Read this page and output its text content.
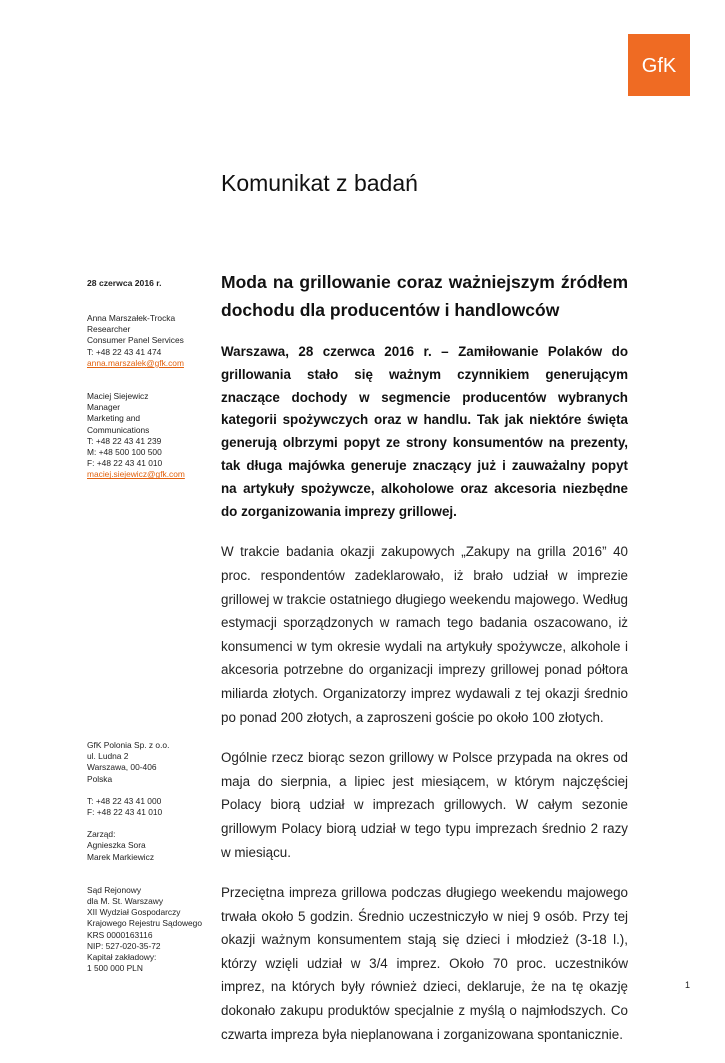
GfK
Komunikat z badań
28 czerwca 2016 r.
Anna Marszałek-Trocka
Researcher
Consumer Panel Services
T: +48 22 43 41 474
anna.marszalek@gfk.com
Maciej Siejewicz
Manager
Marketing and
Communications
T: +48 22 43 41 239
M: +48 500 100 500
F: +48 22 43 41 010
maciej.siejewicz@gfk.com
GfK Polonia Sp. z o.o.
ul. Ludna 2
Warszawa, 00-406
Polska
T: +48 22 43 41 000
F: +48 22 43 41 010
Zarząd:
Agnieszka Sora
Marek Markiewicz
Sąd Rejonowy
dla M. St. Warszawy
XII Wydział Gospodarczy
Krajowego Rejestru Sądowego
KRS 0000163116
NIP: 527-020-35-72
Kapitał zakładowy:
1 500 000 PLN
Moda na grillowanie coraz ważniejszym źródłem dochodu dla producentów i handlowców

Warszawa, 28 czerwca 2016 r. – Zamiłowanie Polaków do grillowania stało się ważnym czynnikiem generującym znaczące dochody w segmencie producentów wybranych kategorii spożywczych oraz w handlu. Tak jak niektóre święta generują olbrzymi popyt ze strony konsumentów na prezenty, tak długa majówka generuje znaczący już i zauważalny popyt na artykuły spożywcze, alkoholowe oraz akcesoria niezbędne do zorganizowania imprezy grillowej.

W trakcie badania okazji zakupowych „Zakupy na grilla 2016” 40 proc. respondentów zadeklarowało, iż brało udział w imprezie grillowej w trakcie ostatniego długiego weekendu majowego. Według estymacji sporządzonych w ramach tego badania oszacowano, iż konsumenci w tym okresie wydali na artykuły spożywcze, alkohole i akcesoria potrzebne do organizacji imprezy grillowej ponad półtora miliarda złotych. Organizatorzy imprez wydawali z tej okazji średnio po ponad 200 złotych, a zaproszeni goście po około 100 złotych.

Ogólnie rzecz biorąc sezon grillowy w Polsce przypada na okres od maja do sierpnia, a lipiec jest miesiącem, w którym najczęściej Polacy biorą udział w imprezach grillowych. W całym sezonie grillowym Polacy biorą udział w tego typu imprezach średnio 2 razy w miesiącu.

Przeciętna impreza grillowa podczas długiego weekendu majowego trwała około 5 godzin. Średnio uczestniczyło w niej 9 osób. Przy tej okazji ważnym konsumentem stają się dzieci i młodzież (3-18 l.), którzy wzięli udział w 3/4 imprez. Około 70 proc. uczestników imprez, na których były również dzieci, deklaruje, że na tę okazję dokonało zakupu produktów specjalnie z myślą o najmłodszych. Co czwarta impreza była nieplanowana i zorganizowana spontanicznie.

1
